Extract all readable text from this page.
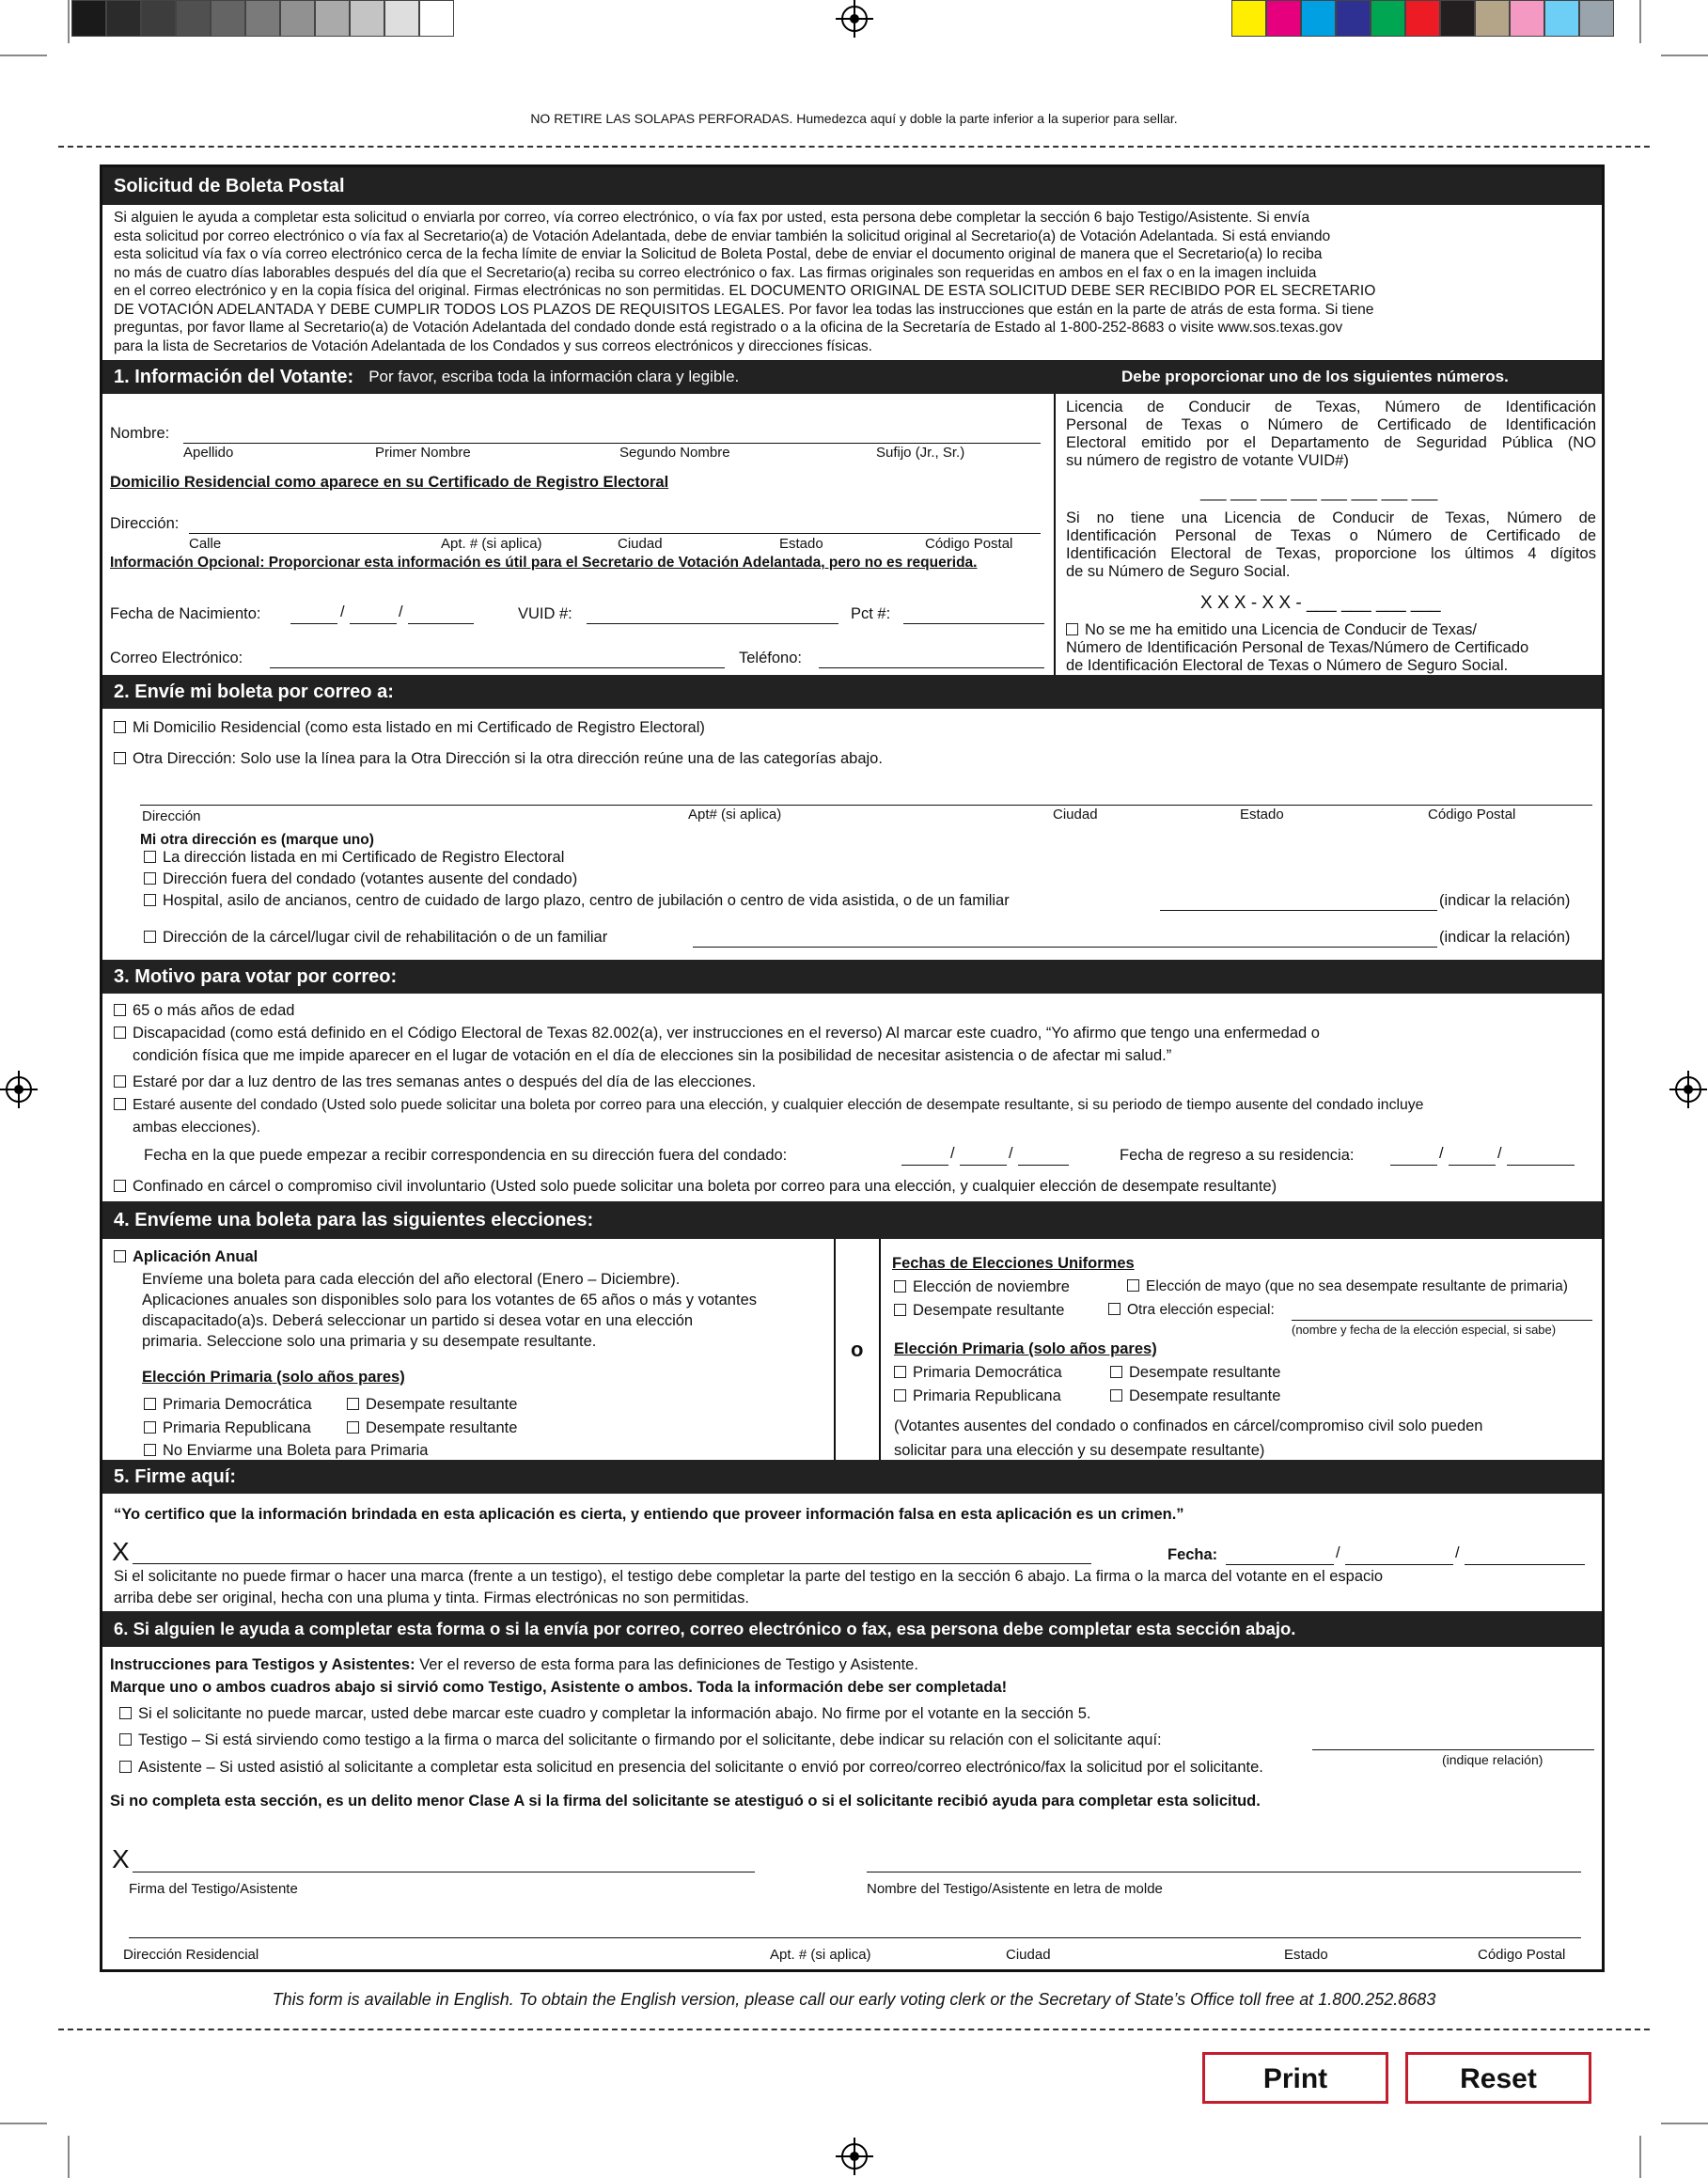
NO RETIRE LAS SOLAPAS PERFORADAS. Humedezca aquí y doble la parte inferior a la superior para sellar.
Solicitud de Boleta Postal
Si alguien le ayuda a completar esta solicitud o enviarla por correo, vía correo electrónico, o vía fax por usted, esta persona debe completar la sección 6 bajo Testigo/Asistente. Si envía
esta solicitud por correo electrónico o vía fax al Secretario(a) de Votación Adelantada, debe de enviar también la solicitud original al Secretario(a) de Votación Adelantada. Si está enviando
esta solicitud vía fax o vía correo electrónico cerca de la fecha límite de enviar la Solicitud de Boleta Postal, debe de enviar el documento original de manera que el Secretario(a) lo reciba
no más de cuatro días laborables después del día que el Secretario(a) reciba su correo electrónico o fax. Las firmas originales son requeridas en ambos en el fax o en la imagen incluida
en el correo electrónico y en la copia física del original. Firmas electrónicas no son permitidas. EL DOCUMENTO ORIGINAL DE ESTA SOLICITUD DEBE SER RECIBIDO POR EL SECRETARIO
DE VOTACIÓN ADELANTADA Y DEBE CUMPLIR TODOS LOS PLAZOS DE REQUISITOS LEGALES. Por favor lea todas las instrucciones que están en la parte de atrás de esta forma. Si tiene
preguntas, por favor llame al Secretario(a) de Votación Adelantada del condado donde está registrado o a la oficina de la Secretaría de Estado al 1-800-252-8683 o visite www.sos.texas.gov
para la lista de Secretarios de Votación Adelantada de los Condados y sus correos electrónicos y direcciones físicas.
1. Información del Votante: Por favor, escriba toda la información clara y legible.	Debe proporcionar uno de los siguientes números.
Nombre:
Apellido	Primer Nombre	Segundo Nombre	Sufijo (Jr., Sr.)
Domicilio Residencial como aparece en su Certificado de Registro Electoral
Dirección:
Calle	Apt. # (si aplica)	Ciudad	Estado	Código Postal
Información Opcional: Proporcionar esta información es útil para el Secretario de Votación Adelantada, pero no es requerida.
Fecha de Nacimiento:	/	/	VUID #:	Pct #:
Correo Electrónico:	Teléfono:
Licencia de Conducir de Texas, Número de Identificación
Personal de Texas o Número de Certificado de Identificación
Electoral emitido por el Departamento de Seguridad Pública (NO
su número de registro de votante VUID#)
___ ___ ___ ___ ___ ___ ___ ___
Si no tiene una Licencia de Conducir de Texas, Número de
Identificación Personal de Texas o Número de Certificado de
Identificación Electoral de Texas, proporcione los últimos 4 dígitos
de su Número de Seguro Social.
X X X - X X - ___ ___ ___ ___
No se me ha emitido una Licencia de Conducir de Texas/
Número de Identificación Personal de Texas/Número de Certificado
de Identificación Electoral de Texas o Número de Seguro Social.
2. Envíe mi boleta por correo a:
Mi Domicilio Residencial (como esta listado en mi Certificado de Registro Electoral)
Otra Dirección: Solo use la línea para la Otra Dirección si la otra dirección reúne una de las categorías abajo.
Dirección	Apt# (si aplica)	Ciudad	Estado	Código Postal
Mi otra dirección es (marque uno)
La dirección listada en mi Certificado de Registro Electoral
Dirección fuera del condado (votantes ausente del condado)
Hospital, asilo de ancianos, centro de cuidado de largo plazo, centro de jubilación o centro de vida asistida, o de un familiar	(indicar la relación)
Dirección de la cárcel/lugar civil de rehabilitación o de un familiar	(indicar la relación)
3. Motivo para votar por correo:
65 o más años de edad
Discapacidad (como está definido en el Código Electoral de Texas 82.002(a), ver instrucciones en el reverso) Al marcar este cuadro, “Yo afirmo que tengo una enfermedad o
condición física que me impide aparecer en el lugar de votación en el día de elecciones sin la posibilidad de necesitar asistencia o de afectar mi salud.”
Estaré por dar a luz dentro de las tres semanas antes o después del día de las elecciones.
Estaré ausente del condado (Usted solo puede solicitar una boleta por correo para una elección, y cualquier elección de desempate resultante, si su periodo de tiempo ausente del condado incluye
ambas elecciones).
Fecha en la que puede empezar a recibir correspondencia en su dirección fuera del condado:	/	/	Fecha de regreso a su residencia:	/	/
Confinado en cárcel o compromiso civil involuntario (Usted solo puede solicitar una boleta por correo para una elección, y cualquier elección de desempate resultante)
4. Envíeme una boleta para las siguientes elecciones:
Aplicación Anual
Envíeme una boleta para cada elección del año electoral (Enero – Diciembre).
Aplicaciones anuales son disponibles solo para los votantes de 65 años o más y votantes
discapacitado(a)s. Deberá seleccionar un partido si desea votar en una elección
primaria. Seleccione solo una primaria y su desempate resultante.
Elección Primaria (solo años pares)
Primaria Democrática	Desempate resultante
Primaria Republicana	Desempate resultante
No Enviarme una Boleta para Primaria
o
Fechas de Elecciones Uniformes
Elección de noviembre	Elección de mayo (que no sea desempate resultante de primaria)
Desempate resultante	Otra elección especial:
(nombre y fecha de la elección especial, si sabe)
Elección Primaria (solo años pares)
Primaria Democrática	Desempate resultante
Primaria Republicana	Desempate resultante
(Votantes ausentes del condado o confinados en cárcel/compromiso civil solo pueden
solicitar para una elección y su desempate resultante)
5. Firme aquí:
“Yo certifico que la información brindada en esta aplicación es cierta, y entiendo que proveer información falsa en esta aplicación es un crimen.”
X	Fecha:	/	/
Si el solicitante no puede firmar o hacer una marca (frente a un testigo), el testigo debe completar la parte del testigo en la sección 6 abajo. La firma o la marca del votante en el espacio
arriba debe ser original, hecha con una pluma y tinta. Firmas electrónicas no son permitidas.
6. Si alguien le ayuda a completar esta forma o si la envía por correo, correo electrónico o fax, esa persona debe completar esta sección abajo.
Instrucciones para Testigos y Asistentes: Ver el reverso de esta forma para las definiciones de Testigo y Asistente.
Marque uno o ambos cuadros abajo si sirvió como Testigo, Asistente o ambos. Toda la información debe ser completada!
Si el solicitante no puede marcar, usted debe marcar este cuadro y completar la información abajo. No firme por el votante en la sección 5.
Testigo – Si está sirviendo como testigo a la firma o marca del solicitante o firmando por el solicitante, debe indicar su relación con el solicitante aquí:
(indique relación)
Asistente – Si usted asistió al solicitante a completar esta solicitud en presencia del solicitante o envió por correo/correo electrónico/fax la solicitud por el solicitante.
Si no completa esta sección, es un delito menor Clase A si la firma del solicitante se atestiguó o si el solicitante recibió ayuda para completar esta solicitud.
X
Firma del Testigo/Asistente	Nombre del Testigo/Asistente en letra de molde
Dirección Residencial	Apt. # (si aplica)	Ciudad	Estado	Código Postal
This form is available in English. To obtain the English version, please call our early voting clerk or the Secretary of State’s Office toll free at 1.800.252.8683
Print	Reset
